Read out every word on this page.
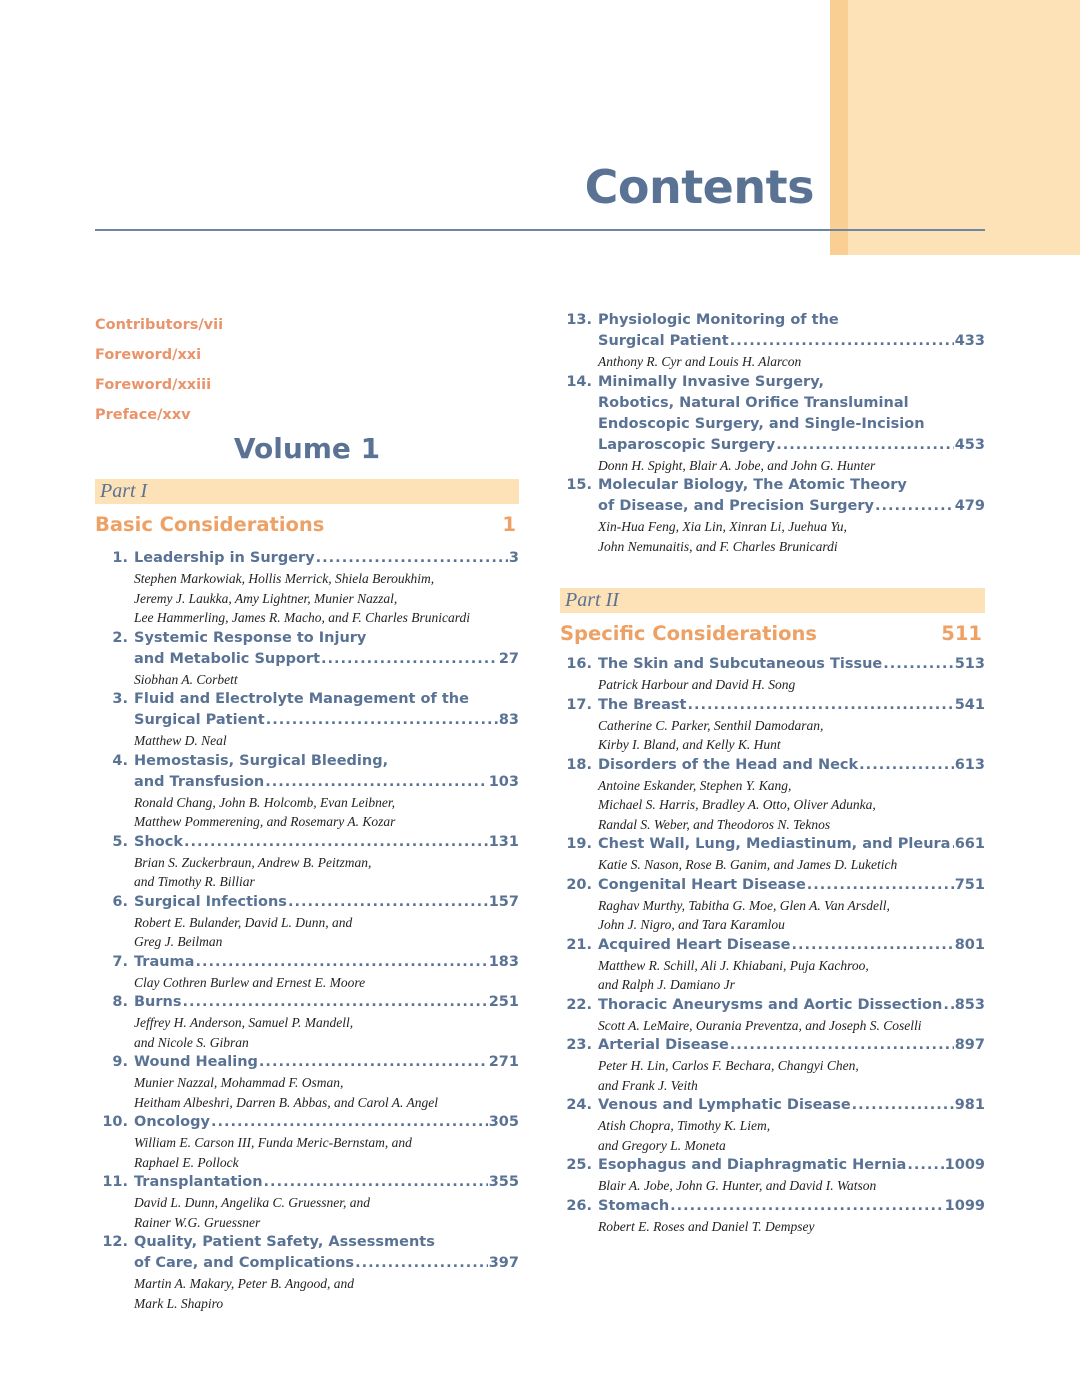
Contents
Contributors/vii
Foreword/xxi
Foreword/xxiii
Preface/xxv
Volume 1
Part I
Basic Considerations	1
1. Leadership in Surgery .....	3
Stephen Markowiak, Hollis Merrick, Shiela Beroukhim,
Jeremy J. Laukka, Amy Lightner, Munier Nazzal,
Lee Hammerling, James R. Macho, and F. Charles Brunicardi
2. Systemic Response to Injury
and Metabolic Support .....	27
Siobhan A. Corbett
3. Fluid and Electrolyte Management of the
Surgical Patient .....	83
Matthew D. Neal
4. Hemostasis, Surgical Bleeding,
and Transfusion .....	103
Ronald Chang, John B. Holcomb, Evan Leibner,
Matthew Pommerening, and Rosemary A. Kozar
5. Shock .....	131
Brian S. Zuckerbraun, Andrew B. Peitzman,
and Timothy R. Billiar
6. Surgical Infections .....	157
Robert E. Bulander, David L. Dunn, and
Greg J. Beilman
7. Trauma .....	183
Clay Cothren Burlew and Ernest E. Moore
8. Burns .....	251
Jeffrey H. Anderson, Samuel P. Mandell,
and Nicole S. Gibran
9. Wound Healing .....	271
Munier Nazzal, Mohammad F. Osman,
Heitham Albeshri, Darren B. Abbas, and Carol A. Angel
10. Oncology .....	305
William E. Carson III, Funda Meric-Bernstam, and
Raphael E. Pollock
11. Transplantation .....	355
David L. Dunn, Angelika C. Gruessner, and
Rainer W.G. Gruessner
12. Quality, Patient Safety, Assessments
of Care, and Complications .....	397
Martin A. Makary, Peter B. Angood, and
Mark L. Shapiro
13. Physiologic Monitoring of the
Surgical Patient .....	433
Anthony R. Cyr and Louis H. Alarcon
14. Minimally Invasive Surgery,
Robotics, Natural Orifice Transluminal
Endoscopic Surgery, and Single-Incision
Laparoscopic Surgery .....	453
Donn H. Spight, Blair A. Jobe, and John G. Hunter
15. Molecular Biology, The Atomic Theory
of Disease, and Precision Surgery .....	479
Xin-Hua Feng, Xia Lin, Xinran Li, Juehua Yu,
John Nemunaitis, and F. Charles Brunicardi
Part II
Specific Considerations	511
16. The Skin and Subcutaneous Tissue .....	513
Patrick Harbour and David H. Song
17. The Breast .....	541
Catherine C. Parker, Senthil Damodaran,
Kirby I. Bland, and Kelly K. Hunt
18. Disorders of the Head and Neck .....	613
Antoine Eskander, Stephen Y. Kang,
Michael S. Harris, Bradley A. Otto, Oliver Adunka,
Randal S. Weber, and Theodoros N. Teknos
19. Chest Wall, Lung, Mediastinum, and Pleura ..... 661
Katie S. Nason, Rose B. Ganim, and James D. Luketich
20. Congenital Heart Disease .....	751
Raghav Murthy, Tabitha G. Moe, Glen A. Van Arsdell,
John J. Nigro, and Tara Karamlou
21. Acquired Heart Disease .....	801
Matthew R. Schill, Ali J. Khiabani, Puja Kachroo,
and Ralph J. Damiano Jr
22. Thoracic Aneurysms and Aortic Dissection ..... 853
Scott A. LeMaire, Ourania Preventza, and Joseph S. Coselli
23. Arterial Disease .....	897
Peter H. Lin, Carlos F. Bechara, Changyi Chen,
and Frank J. Veith
24. Venous and Lymphatic Disease .....	981
Atish Chopra, Timothy K. Liem,
and Gregory L. Moneta
25. Esophagus and Diaphragmatic Hernia .....	1009
Blair A. Jobe, John G. Hunter, and David I. Watson
26. Stomach .....	1099
Robert E. Roses and Daniel T. Dempsey
